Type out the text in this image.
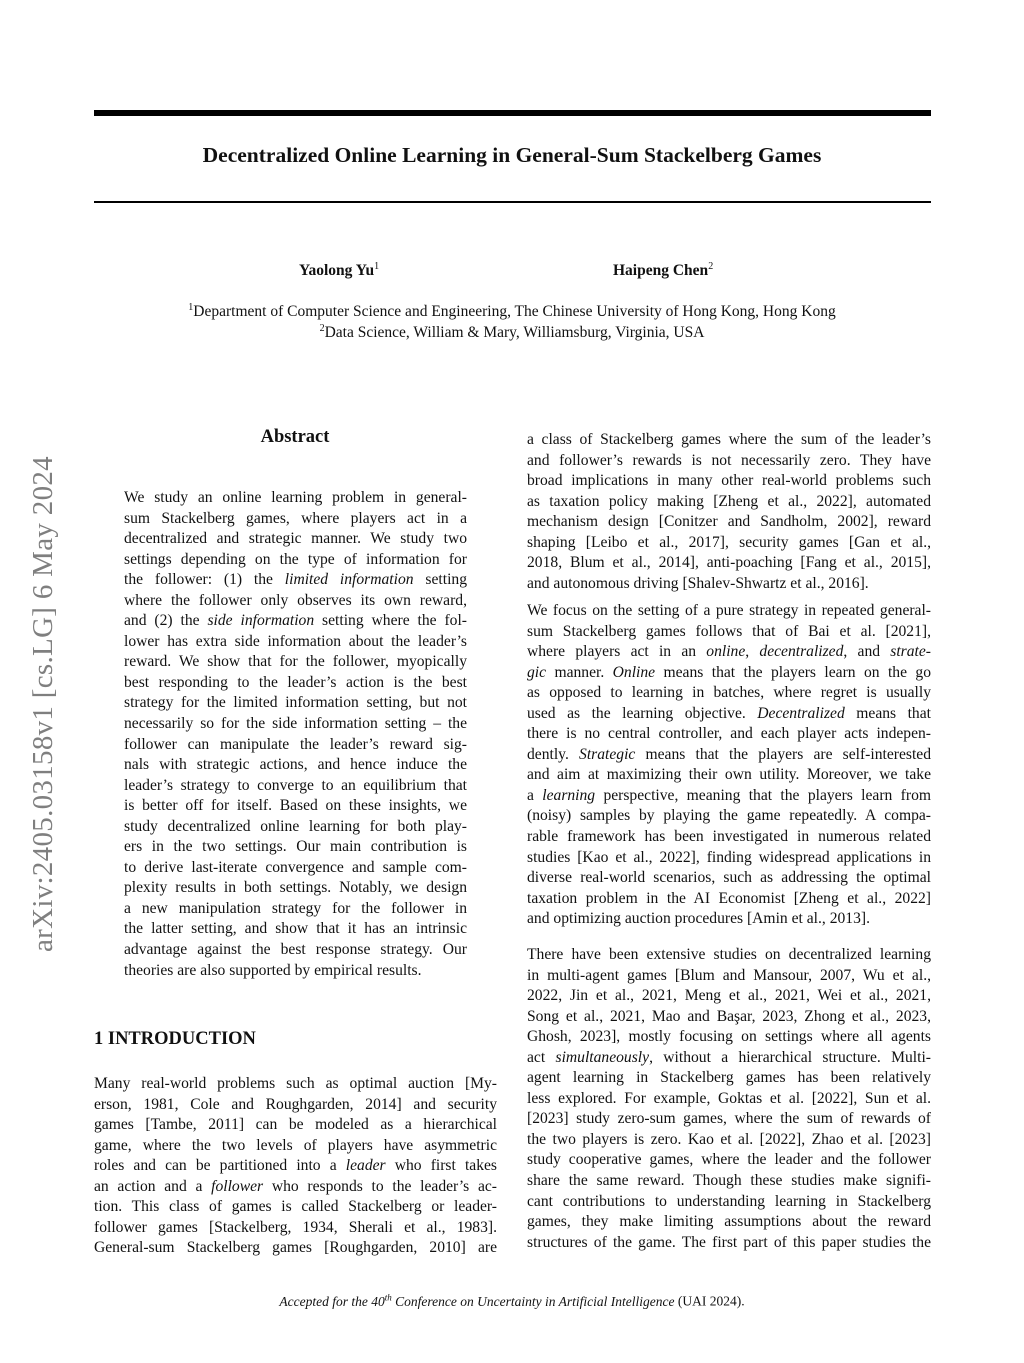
arXiv:2405.03158v1 [cs.LG] 6 May 2024
Decentralized Online Learning in General-Sum Stackelberg Games
Yaolong Yu$^1$	Haipeng Chen$^2$
$^1$Department of Computer Science and Engineering, The Chinese University of Hong Kong, Hong Kong
$^2$Data Science, William & Mary, Williamsburg, Virginia, USA
Abstract
We study an online learning problem in general-
sum Stackelberg games, where players act in a
decentralized and strategic manner. We study two
settings depending on the type of information for
the follower: (1) the limited information setting
where the follower only observes its own reward,
and (2) the side information setting where the fol-
lower has extra side information about the leader’s
reward. We show that for the follower, myopically
best responding to the leader’s action is the best
strategy for the limited information setting, but not
necessarily so for the side information setting – the
follower can manipulate the leader’s reward sig-
nals with strategic actions, and hence induce the
leader’s strategy to converge to an equilibrium that
is better off for itself. Based on these insights, we
study decentralized online learning for both play-
ers in the two settings. Our main contribution is
to derive last-iterate convergence and sample com-
plexity results in both settings. Notably, we design
a new manipulation strategy for the follower in
the latter setting, and show that it has an intrinsic
advantage against the best response strategy. Our
theories are also supported by empirical results.
1 INTRODUCTION
Many real-world problems such as optimal auction [My-
erson, 1981, Cole and Roughgarden, 2014] and security
games [Tambe, 2011] can be modeled as a hierarchical
game, where the two levels of players have asymmetric
roles and can be partitioned into a leader who first takes
an action and a follower who responds to the leader’s ac-
tion. This class of games is called Stackelberg or leader-
follower games [Stackelberg, 1934, Sherali et al., 1983].
General-sum Stackelberg games [Roughgarden, 2010] are
a class of Stackelberg games where the sum of the leader’s
and follower’s rewards is not necessarily zero. They have
broad implications in many other real-world problems such
as taxation policy making [Zheng et al., 2022], automated
mechanism design [Conitzer and Sandholm, 2002], reward
shaping [Leibo et al., 2017], security games [Gan et al.,
2018, Blum et al., 2014], anti-poaching [Fang et al., 2015],
and autonomous driving [Shalev-Shwartz et al., 2016].
We focus on the setting of a pure strategy in repeated general-
sum Stackelberg games follows that of Bai et al. [2021],
where players act in an online, decentralized, and strate-
gic manner. Online means that the players learn on the go
as opposed to learning in batches, where regret is usually
used as the learning objective. Decentralized means that
there is no central controller, and each player acts indepen-
dently. Strategic means that the players are self-interested
and aim at maximizing their own utility. Moreover, we take
a learning perspective, meaning that the players learn from
(noisy) samples by playing the game repeatedly. A compa-
rable framework has been investigated in numerous related
studies [Kao et al., 2022], finding widespread applications in
diverse real-world scenarios, such as addressing the optimal
taxation problem in the AI Economist [Zheng et al., 2022]
and optimizing auction procedures [Amin et al., 2013].
There have been extensive studies on decentralized learning
in multi-agent games [Blum and Mansour, 2007, Wu et al.,
2022, Jin et al., 2021, Meng et al., 2021, Wei et al., 2021,
Song et al., 2021, Mao and Başar, 2023, Zhong et al., 2023,
Ghosh, 2023], mostly focusing on settings where all agents
act simultaneously, without a hierarchical structure. Multi-
agent learning in Stackelberg games has been relatively
less explored. For example, Goktas et al. [2022], Sun et al.
[2023] study zero-sum games, where the sum of rewards of
the two players is zero. Kao et al. [2022], Zhao et al. [2023]
study cooperative games, where the leader and the follower
share the same reward. Though these studies make signifi-
cant contributions to understanding learning in Stackelberg
games, they make limiting assumptions about the reward
structures of the game. The first part of this paper studies the
Accepted for the 40th Conference on Uncertainty in Artificial Intelligence (UAI 2024).
